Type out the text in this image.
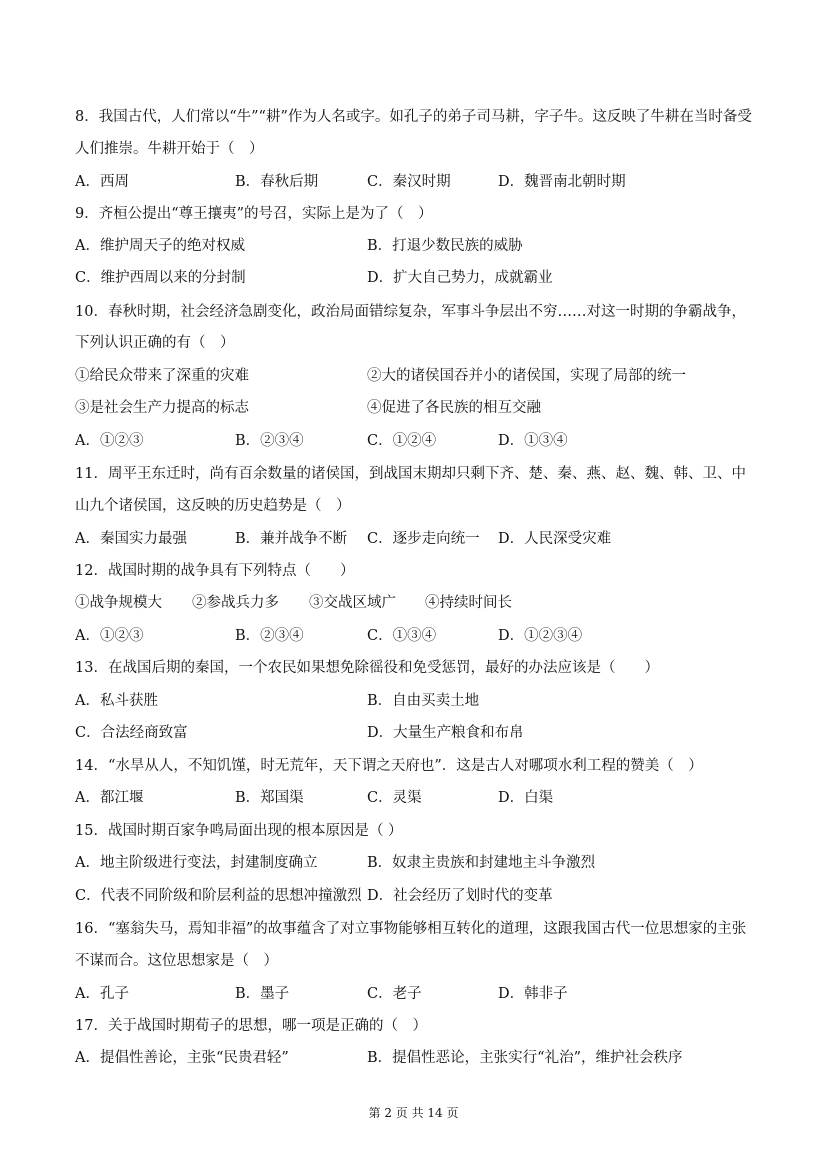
8．我国古代，人们常以“牛”“耕”作为人名或字。如孔子的弟子司马耕，字子牛。这反映了牛耕在当时备受
人们推崇。牛耕开始于（　）
A．西周	B．春秋后期	C．秦汉时期	D．魏晋南北朝时期
9．齐桓公提出“尊王攘夷”的号召，实际上是为了（　）
A．维护周天子的绝对权威	B．打退少数民族的威胁
C．维护西周以来的分封制	D．扩大自己势力，成就霸业
10．春秋时期，社会经济急剧变化，政治局面错综复杂，军事斗争层出不穷……对这一时期的争霸战争，
下列认识正确的有（　）
①给民众带来了深重的灾难	②大的诸侯国吞并小的诸侯国，实现了局部的统一
③是社会生产力提高的标志	④促进了各民族的相互交融
A．①②③	B．②③④	C．①②④	D．①③④
11．周平王东迁时，尚有百余数量的诸侯国，到战国末期却只剩下齐、楚、秦、燕、赵、魏、韩、卫、中
山九个诸侯国，这反映的历史趋势是（　）
A．秦国实力最强	B．兼并战争不断 C．逐步走向统一 D．人民深受灾难
12．战国时期的战争具有下列特点（　　）
①战争规模大 ②参战兵力多 ③交战区域广 ④持续时间长
A．①②③	B．②③④	C．①③④	D．①②③④
13．在战国后期的秦国，一个农民如果想免除徭役和免受惩罚，最好的办法应该是（　　）
A．私斗获胜	B．自由买卖土地
C．合法经商致富	D．大量生产粮食和布帛
14．“水旱从人，不知饥馑，时无荒年，天下谓之天府也”．这是古人对哪项水利工程的赞美（　）
A．都江堰	B．郑国渠	C．灵渠	D．白渠
15．战国时期百家争鸣局面出现的根本原因是（ ）
A．地主阶级进行变法，封建制度确立	B．奴隶主贵族和封建地主斗争激烈
C．代表不同阶级和阶层利益的思想冲撞激烈 D．社会经历了划时代的变革
16．“塞翁失马，焉知非福”的故事蕴含了对立事物能够相互转化的道理，这跟我国古代一位思想家的主张
不谋而合。这位思想家是（　）
A．孔子	B．墨子	C．老子	D．韩非子
17．关于战国时期荀子的思想，哪一项是正确的（　）
A．提倡性善论，主张“民贵君轻”	B．提倡性恶论，主张实行“礼治”，维护社会秩序
第 2 页 共 14 页
